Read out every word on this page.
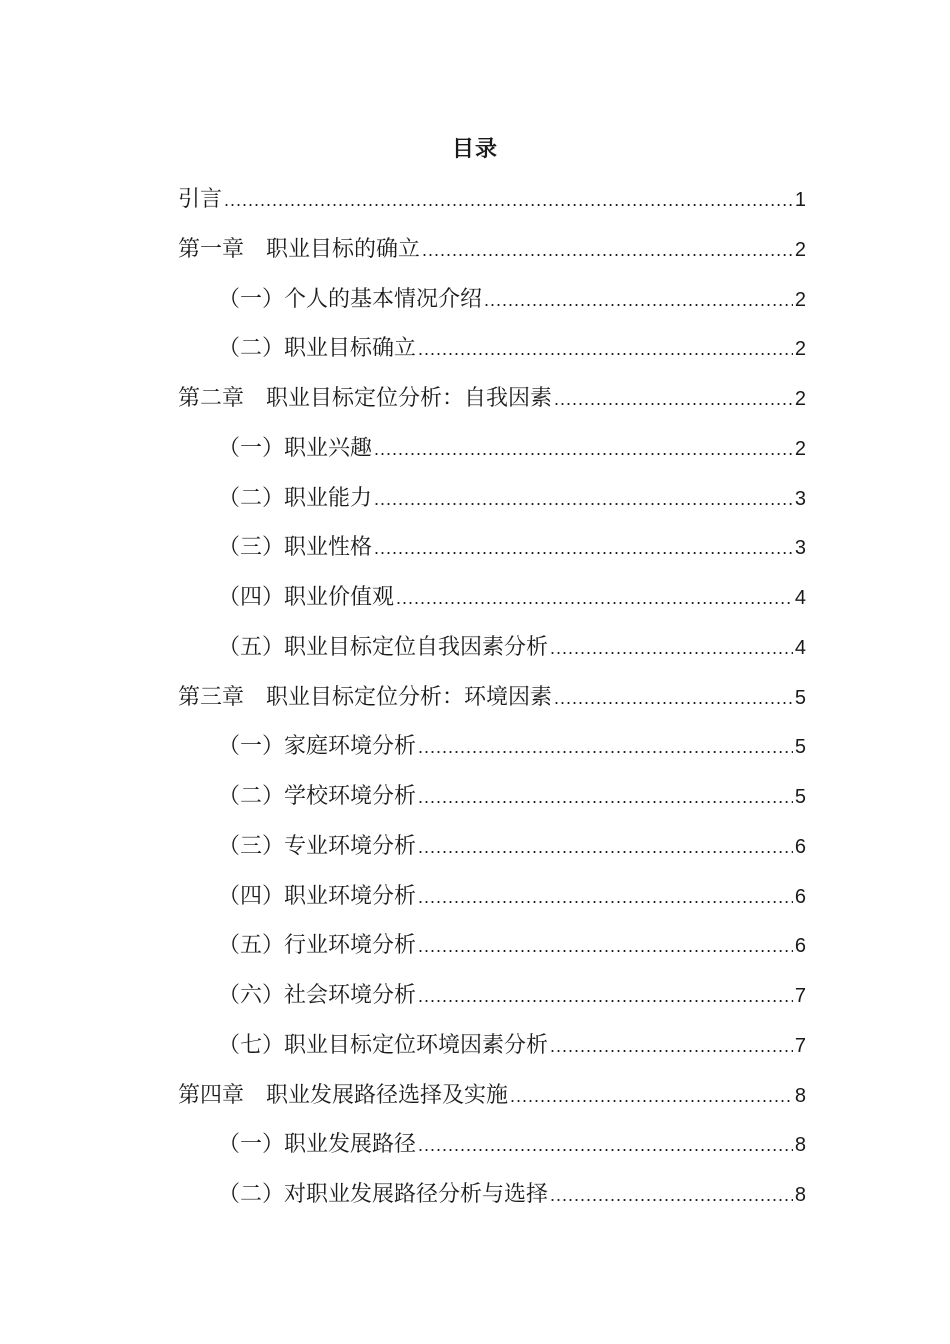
目录
引言 .....	1
第一章　职业目标的确立 .....	2
（一）个人的基本情况介绍 .....	2
（二）职业目标确立 .....	2
第二章　职业目标定位分析：自我因素 .....	2
（一）职业兴趣 .....	2
（二）职业能力 .....	3
（三）职业性格 .....	3
（四）职业价值观 .....	4
（五）职业目标定位自我因素分析 .....	4
第三章　职业目标定位分析：环境因素 .....	5
（一）家庭环境分析 .....	5
（二）学校环境分析 .....	5
（三）专业环境分析 .....	6
（四）职业环境分析 .....	6
（五）行业环境分析 .....	6
（六）社会环境分析 .....	7
（七）职业目标定位环境因素分析 .....	7
第四章　职业发展路径选择及实施 .....	8
（一）职业发展路径 .....	8
（二）对职业发展路径分析与选择 .....	8
